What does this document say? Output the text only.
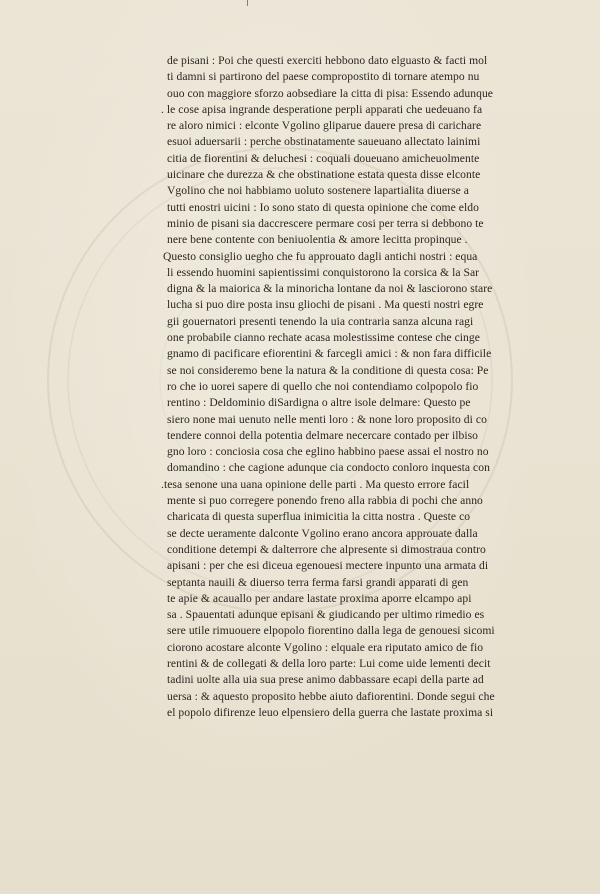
de pisani : Poi che questi exerciti hebbono dato elguasto & facti mol
ti damni si partirono del paese compropostito di tornare atempo nu
ouo con maggiore sforzo aobsediare la citta di pisa: Essendo adunque
. le cose apisa ingrande desperatione perpli apparati che uedeuano fa
re aloro nimici : elconte Vgolino gliparue dauere presa di carichare
esuoi aduersarii : perche obstinatamente saueuano allectato lainimi
citia de fiorentini & deluchesi : coquali doueuano amicheuolmente
uicinare che durezza & che obstinatione estata questa disse elconte
Vgolino che noi habbiamo uoluto sostenere lapartialita diuerse a
tutti enostri uicini : Io sono stato di questa opinione che come eldo
minio de pisani sia daccrescere permare cosi per terra si debbono te
nere bene contente con beniuolentia & amore lecitta propinque .
Questo consiglio uegho che fu approuato dagli antichi nostri : equa
li essendo huomini sapientissimi conquistorono la corsica & la Sar
digna & la maiorica & la minoricha lontane da noi & lasciorono stare
lucha si puo dire posta insu gliochi de pisani . Ma questi nostri egre
gii gouernatori presenti tenendo la uia contraria sanza alcuna ragi
one probabile cianno rechate acasa molestissime contese che cinge
gnamo di pacificare efiorentini & farcegli amici : & non fara difficile
se noi consideremo bene la natura & la conditione di questa cosa: Pe
ro che io uorei sapere di quello che noi contendiamo colpopolo fio
rentino : Deldominio diSardigna o altre isole delmare: Questo pe
siero none mai uenuto nelle menti loro : & none loro proposito di co
tendere connoi della potentia delmare necercare contado per ilbiso
gno loro : conciosia cosa che eglino habbino paese assai el nostro no
domandino : che cagione adunque cia condocto conloro inquesta con
.tesa senone una uana opinione delle parti . Ma questo errore facil
mente si puo corregere ponendo freno alla rabbia di pochi che anno
charicata di questa superflua inimicitia la citta nostra . Queste co
se decte ueramente dalconte Vgolino erano ancora approuate dalla
conditione detempi & dalterrore che alpresente si dimostraua contro
apisani : per che esi diceua egenouesi mectere inpunto una armata di
septanta nauili & diuerso terra ferma farsi grandi apparati di gen
te apie & acauallo per andare lastate proxima aporre elcampo api
sa . Spauentati adunque episani & giudicando per ultimo rimedio es
sere utile rimuouere elpopolo fiorentino dalla lega de genouesi sicomi
ciorono acostare alconte Vgolino : elquale era riputato amico de fio
rentini & de collegati & della loro parte: Lui come uide lementi decit
tadini uolte alla uia sua prese animo dabbassare ecapi della parte ad
uersa : & aquesto proposito hebbe aiuto dafiorentini. Donde segui che
el popolo difirenze leuo elpensiero della guerra che lastate proxima si
